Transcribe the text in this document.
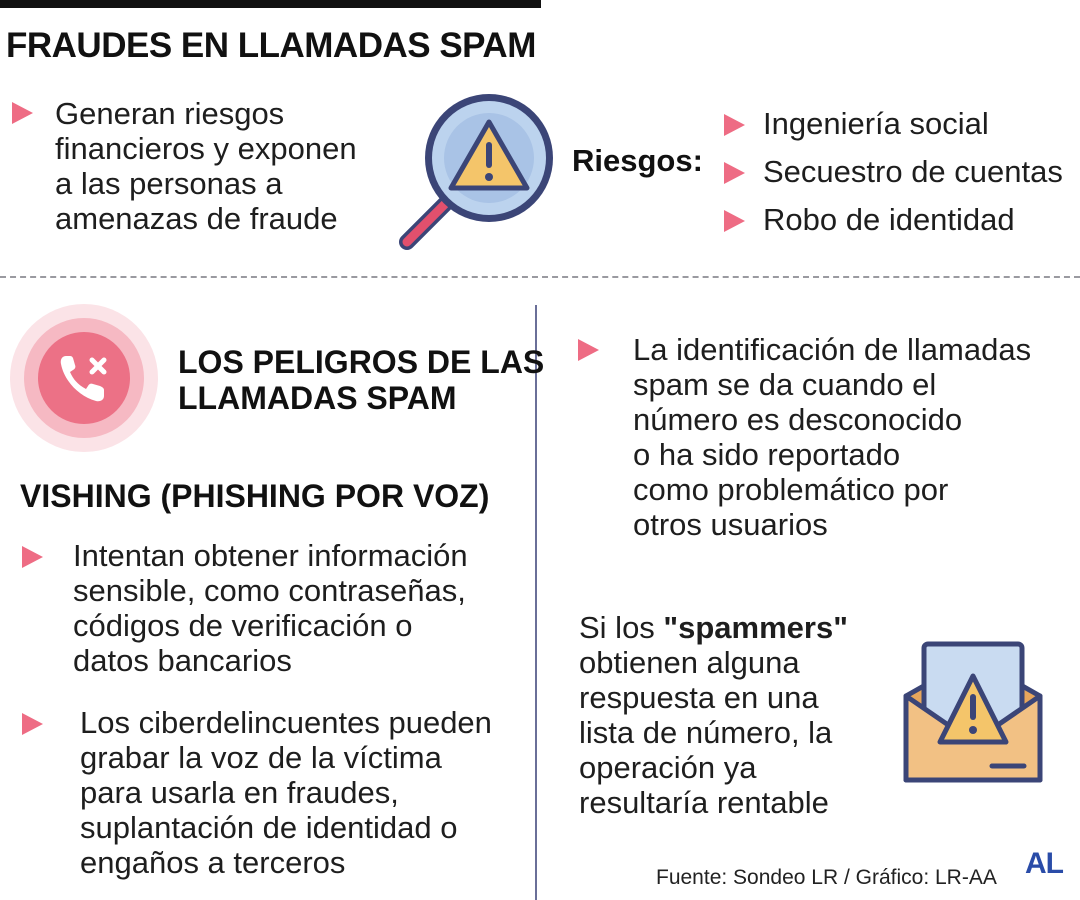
FRAUDES EN LLAMADAS SPAM
Generan riesgos
financieros y exponen
a las personas a
amenazas de fraude
Riesgos:
Ingeniería social
Secuestro de cuentas
Robo de identidad
LOS PELIGROS DE LAS
LLAMADAS SPAM
VISHING (PHISHING POR VOZ)
Intentan obtener información
sensible, como contraseñas,
códigos de verificación o
datos bancarios
Los ciberdelincuentes pueden
grabar la voz de la víctima
para usarla en fraudes,
suplantación de identidad o
engaños a terceros
La identificación de llamadas
spam se da cuando el
número es desconocido
o ha sido reportado
como problemático por
otros usuarios
Si los "spammers"
obtienen alguna
respuesta en una
lista de número, la
operación ya
resultaría rentable
Fuente: Sondeo LR / Gráfico: LR-AA AL
